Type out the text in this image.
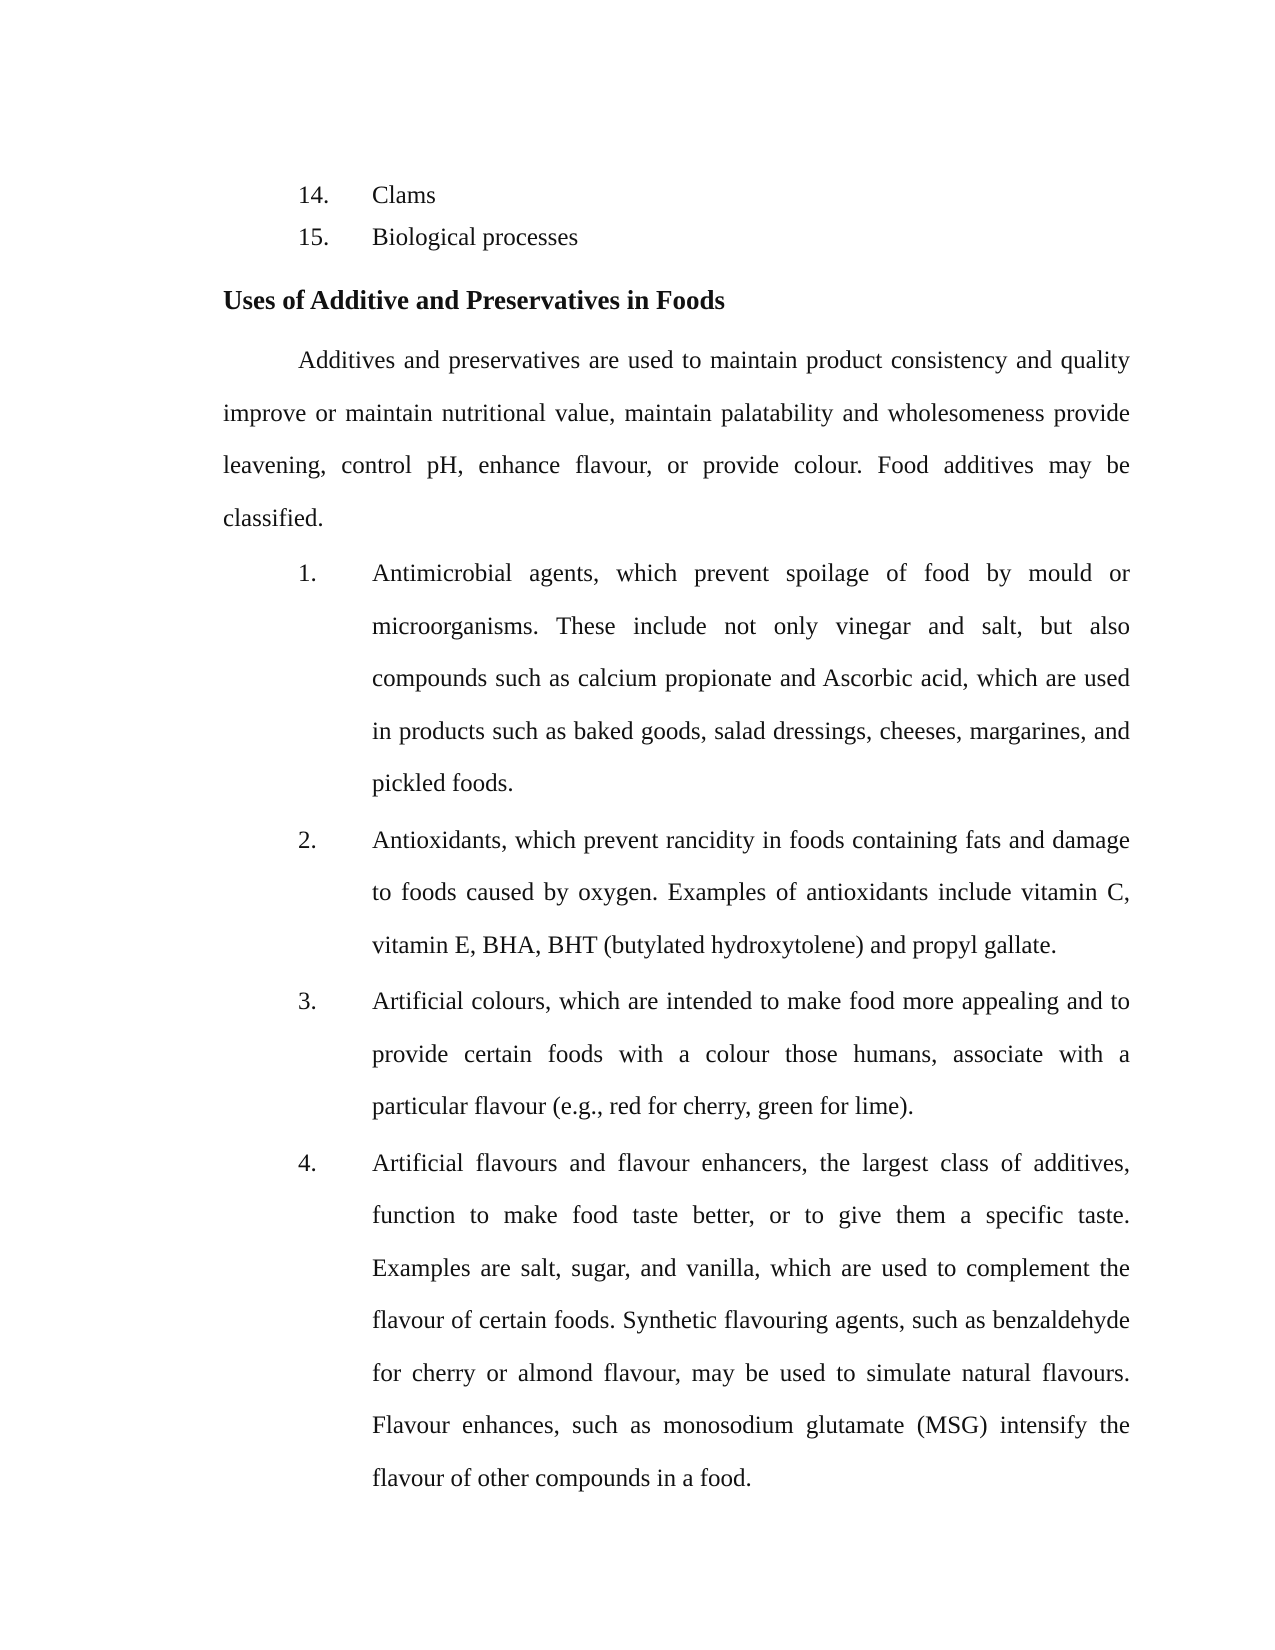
14.	Clams
15.	Biological processes
Uses of Additive and Preservatives in Foods

Additives and preservatives are used to maintain product consistency and quality improve or maintain nutritional value, maintain palatability and wholesomeness provide leavening, control pH, enhance flavour, or provide colour. Food additives may be classified.

1.	Antimicrobial agents, which prevent spoilage of food by mould or microorganisms. These include not only vinegar and salt, but also compounds such as calcium propionate and Ascorbic acid, which are used in products such as baked goods, salad dressings, cheeses, margarines, and pickled foods.
2.	Antioxidants, which prevent rancidity in foods containing fats and damage to foods caused by oxygen. Examples of antioxidants include vitamin C, vitamin E, BHA, BHT (butylated hydroxytolene) and propyl gallate.
3.	Artificial colours, which are intended to make food more appealing and to provide certain foods with a colour those humans, associate with a particular flavour (e.g., red for cherry, green for lime).
4.	Artificial flavours and flavour enhancers, the largest class of additives, function to make food taste better, or to give them a specific taste. Examples are salt, sugar, and vanilla, which are used to complement the flavour of certain foods. Synthetic flavouring agents, such as benzaldehyde for cherry or almond flavour, may be used to simulate natural flavours. Flavour enhances, such as monosodium glutamate (MSG) intensify the flavour of other compounds in a food.
